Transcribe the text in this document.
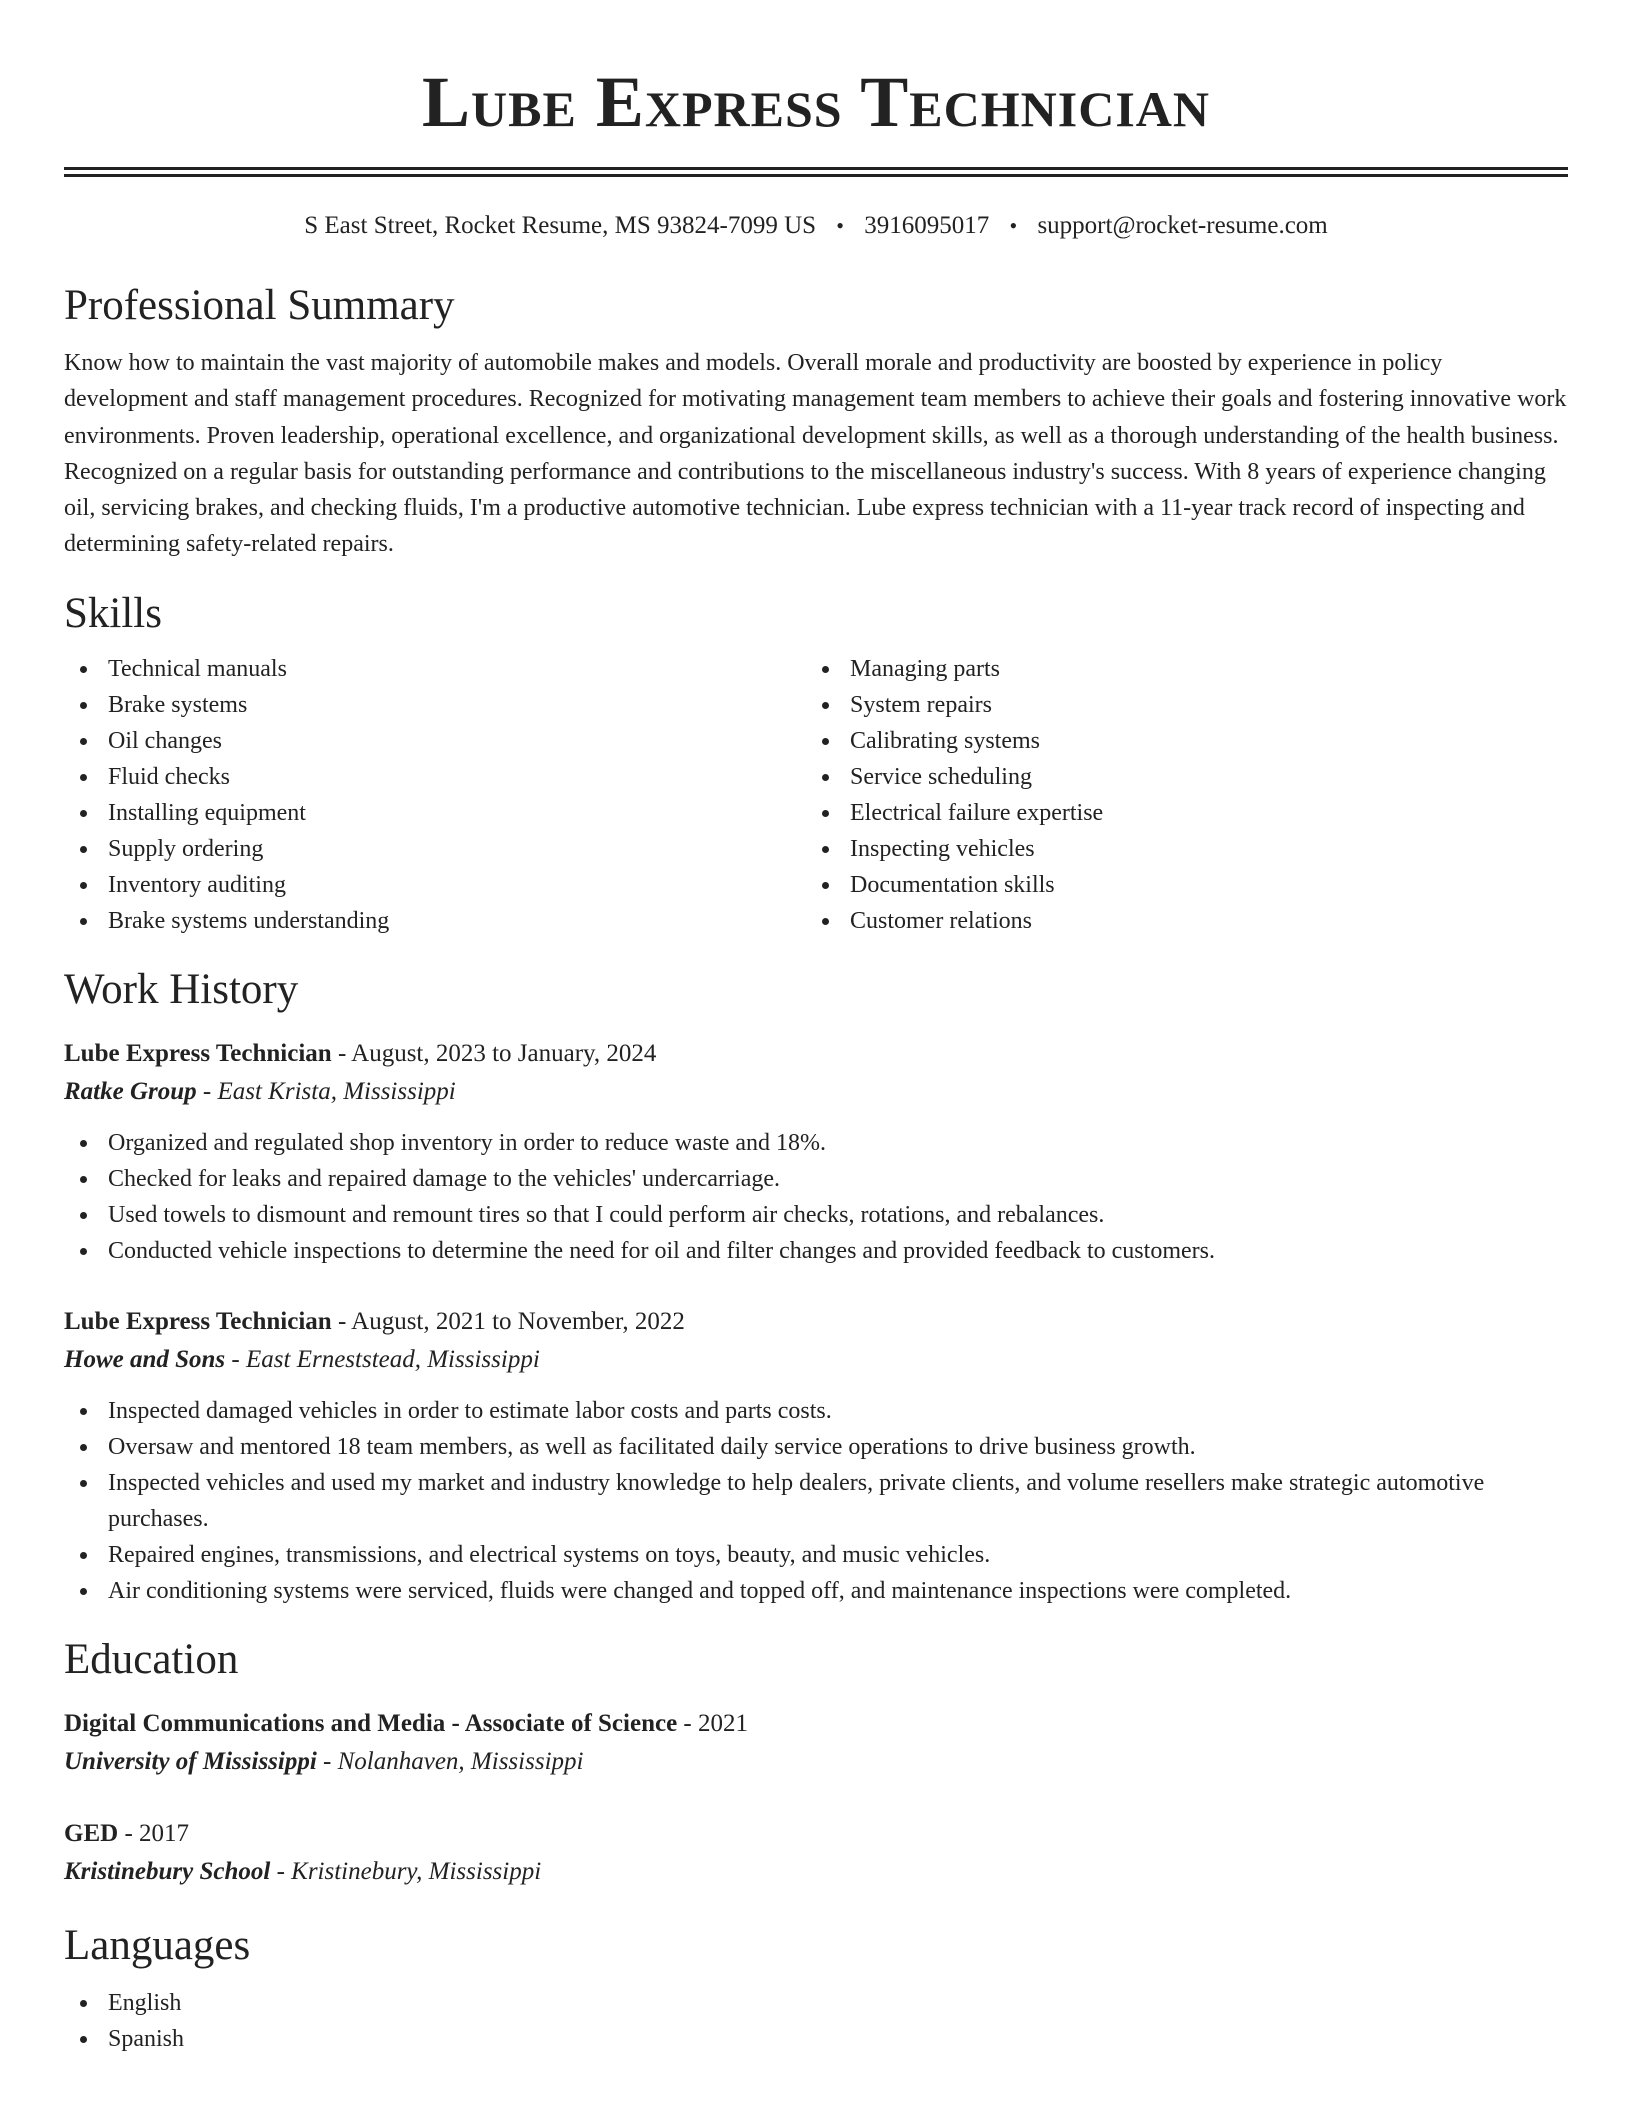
Lube Express Technician
S East Street, Rocket Resume, MS 93824-7099 US • 3916095017 • support@rocket-resume.com
Professional Summary

Know how to maintain the vast majority of automobile makes and models. Overall morale and productivity are boosted by experience in policy development and staff management procedures. Recognized for motivating management team members to achieve their goals and fostering innovative work environments. Proven leadership, operational excellence, and organizational development skills, as well as a thorough understanding of the health business. Recognized on a regular basis for outstanding performance and contributions to the miscellaneous industry's success. With 8 years of experience changing oil, servicing brakes, and checking fluids, I'm a productive automotive technician. Lube express technician with a 11-year track record of inspecting and determining safety-related repairs.

Skills
Technical manuals
Brake systems
Oil changes
Fluid checks
Installing equipment
Supply ordering
Inventory auditing
Brake systems understanding
Managing parts
System repairs
Calibrating systems
Service scheduling
Electrical failure expertise
Inspecting vehicles
Documentation skills
Customer relations
Work History
Lube Express Technician - August, 2023 to January, 2024
Ratke Group - East Krista, Mississippi
Organized and regulated shop inventory in order to reduce waste and 18%.
Checked for leaks and repaired damage to the vehicles' undercarriage.
Used towels to dismount and remount tires so that I could perform air checks, rotations, and rebalances.
Conducted vehicle inspections to determine the need for oil and filter changes and provided feedback to customers.
Lube Express Technician - August, 2021 to November, 2022
Howe and Sons - East Erneststead, Mississippi
Inspected damaged vehicles in order to estimate labor costs and parts costs.
Oversaw and mentored 18 team members, as well as facilitated daily service operations to drive business growth.
Inspected vehicles and used my market and industry knowledge to help dealers, private clients, and volume resellers make strategic automotive purchases.
Repaired engines, transmissions, and electrical systems on toys, beauty, and music vehicles.
Air conditioning systems were serviced, fluids were changed and topped off, and maintenance inspections were completed.
Education
Digital Communications and Media - Associate of Science - 2021
University of Mississippi - Nolanhaven, Mississippi
GED - 2017
Kristinebury School - Kristinebury, Mississippi
Languages
English
Spanish
